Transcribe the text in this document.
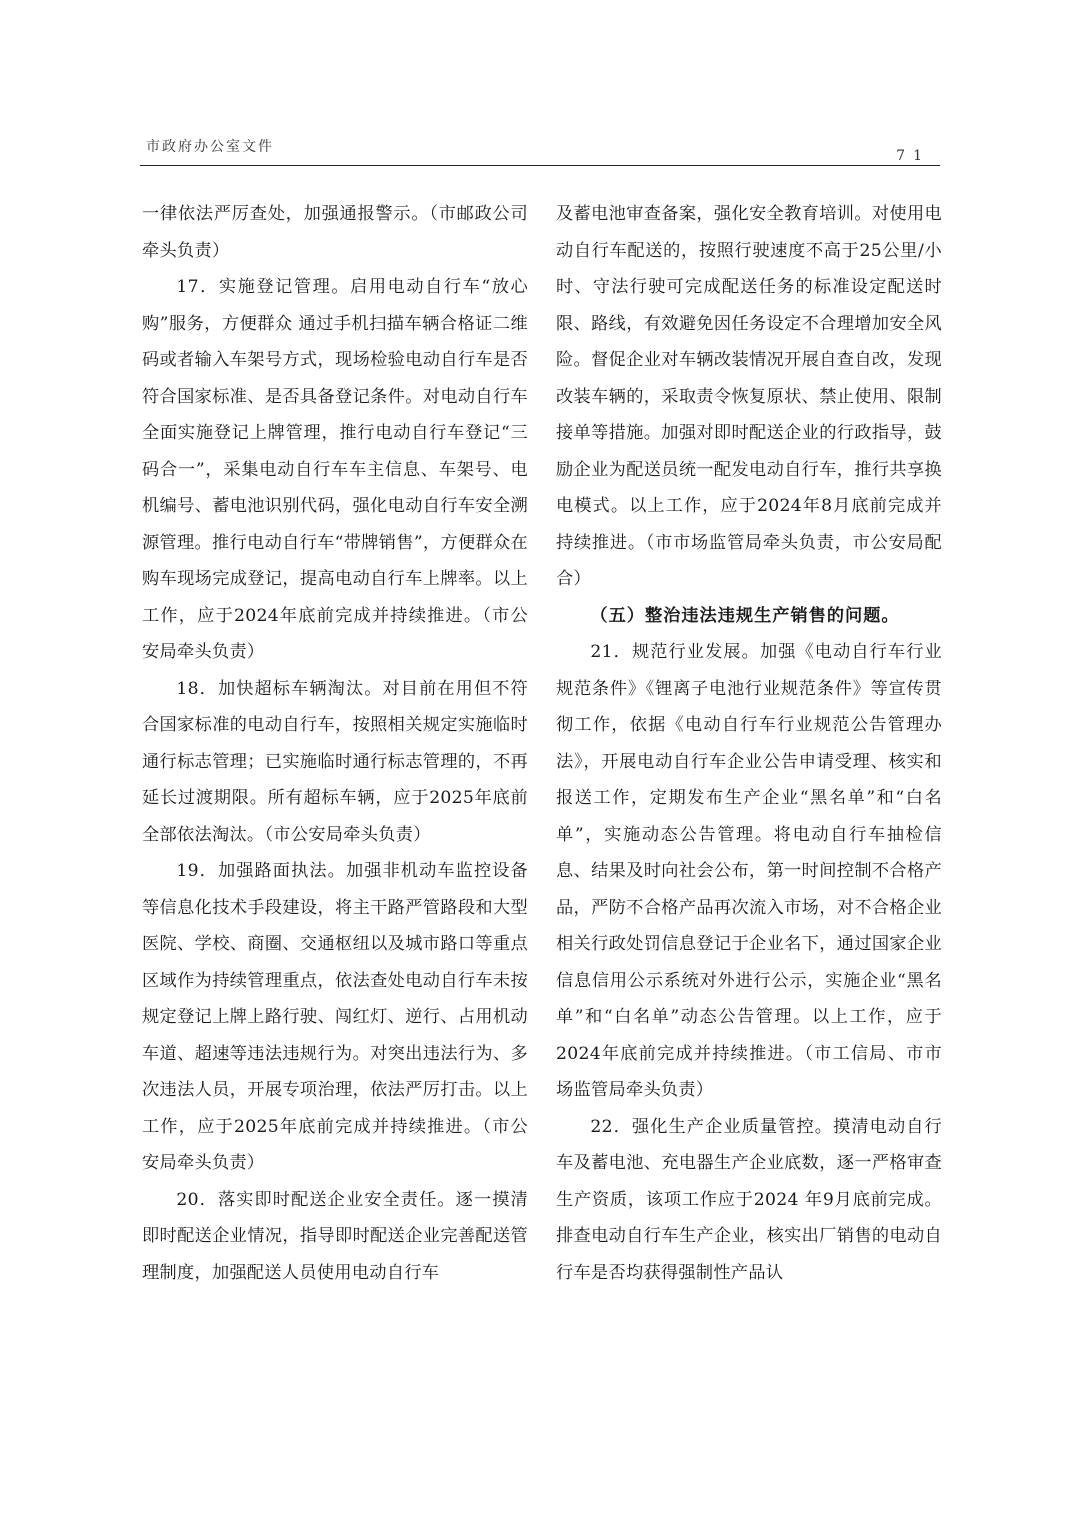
市政府办公室文件
71

一律依法严厉查处，加强通报警示。（市邮政公司牵头负责）

17．实施登记管理。启用电动自行车“放心购”服务，方便群众 通过手机扫描车辆合格证二维码或者输入车架号方式，现场检验电动自行车是否符合国家标准、是否具备登记条件。对电动自行车全面实施登记上牌管理，推行电动自行车登记“三码合一”，采集电动自行车车主信息、车架号、电机编号、蓄电池识别代码，强化电动自行车安全溯源管理。推行电动自行车“带牌销售”，方便群众在购车现场完成登记，提高电动自行车上牌率。以上工作，应于2024年底前完成并持续推进。（市公安局牵头负责）

18．加快超标车辆淘汰。对目前在用但不符合国家标准的电动自行车，按照相关规定实施临时通行标志管理；已实施临时通行标志管理的，不再延长过渡期限。所有超标车辆，应于2025年底前全部依法淘汰。（市公安局牵头负责）

19．加强路面执法。加强非机动车监控设备等信息化技术手段建设，将主干路严管路段和大型医院、学校、商圈、交通枢纽以及城市路口等重点区域作为持续管理重点，依法查处电动自行车未按规定登记上牌上路行驶、闯红灯、逆行、占用机动车道、超速等违法违规行为。对突出违法行为、多次违法人员，开展专项治理，依法严厉打击。以上工作，应于2025年底前完成并持续推进。（市公安局牵头负责）

20．落实即时配送企业安全责任。逐一摸清即时配送企业情况，指导即时配送企业完善配送管理制度，加强配送人员使用电动自行车

及蓄电池审查备案，强化安全教育培训。对使用电动自行车配送的，按照行驶速度不高于25公里/小时、守法行驶可完成配送任务的标准设定配送时限、路线，有效避免因任务设定不合理增加安全风险。督促企业对车辆改装情况开展自查自改，发现改装车辆的，采取责令恢复原状、禁止使用、限制接单等措施。加强对即时配送企业的行政指导，鼓励企业为配送员统一配发电动自行车，推行共享换电模式。以上工作，应于2024年8月底前完成并持续推进。（市市场监管局牵头负责，市公安局配合）

（五）整治违法违规生产销售的问题。

21．规范行业发展。加强《电动自行车行业规范条件》《锂离子电池行业规范条件》等宣传贯彻工作，依据《电动自行车行业规范公告管理办法》，开展电动自行车企业公告申请受理、核实和报送工作，定期发布生产企业“黑名单”和“白名单”，实施动态公告管理。将电动自行车抽检信息、结果及时向社会公布，第一时间控制不合格产品，严防不合格产品再次流入市场，对不合格企业相关行政处罚信息登记于企业名下，通过国家企业信息信用公示系统对外进行公示，实施企业“黑名单”和“白名单”动态公告管理。以上工作，应于2024年底前完成并持续推进。（市工信局、市市场监管局牵头负责）

22．强化生产企业质量管控。摸清电动自行车及蓄电池、充电器生产企业底数，逐一严格审查生产资质，该项工作应于2024 年9月底前完成。排查电动自行车生产企业，核实出厂销售的电动自行车是否均获得强制性产品认
